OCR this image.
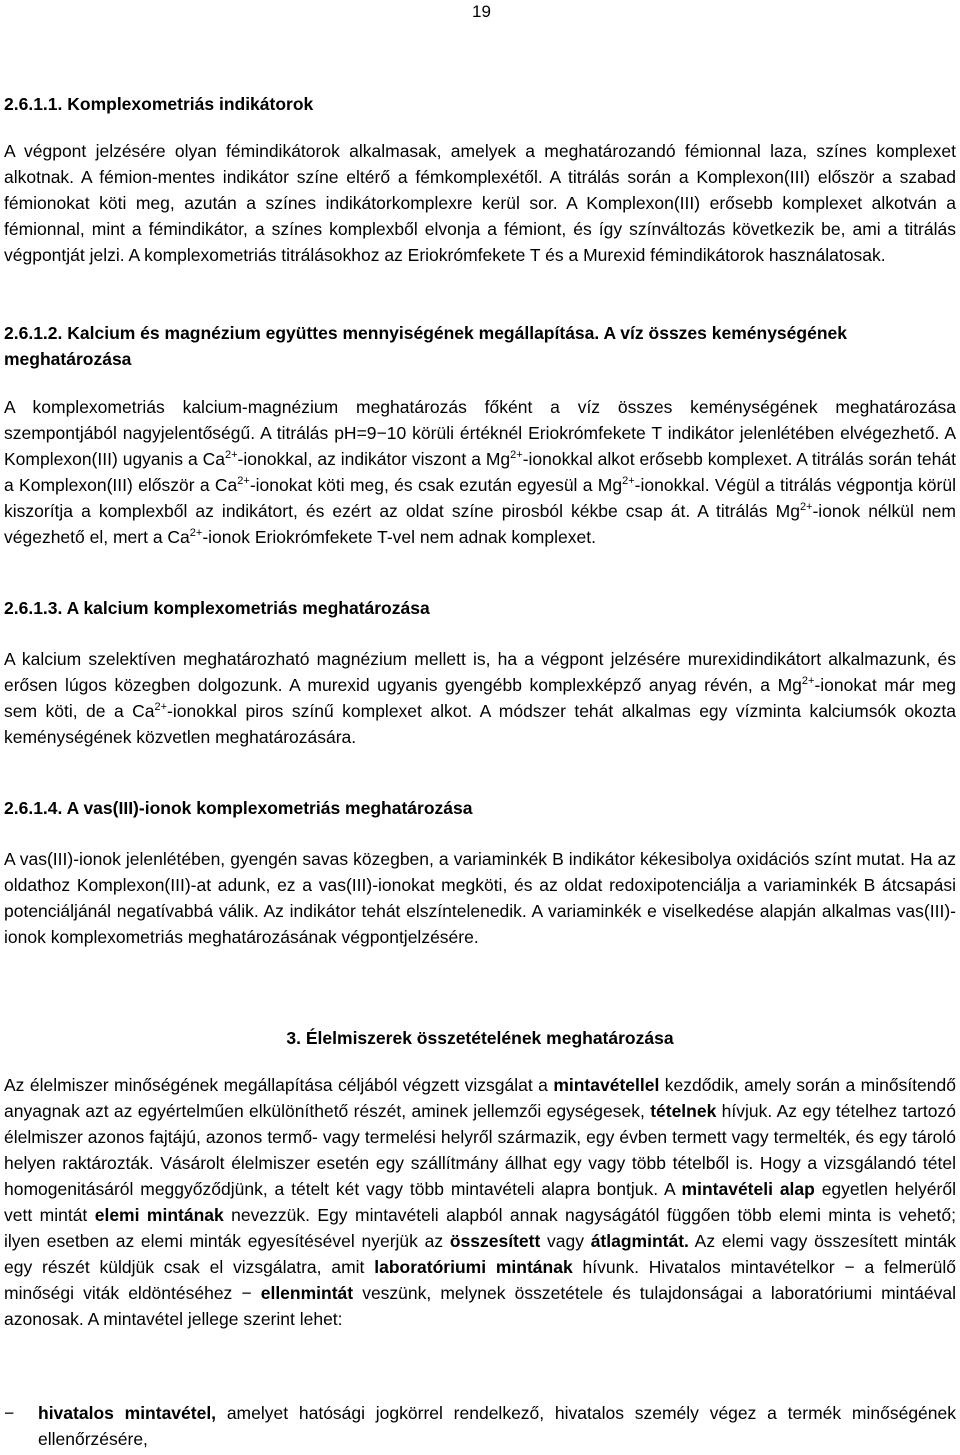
19
2.6.1.1. Komplexometriás indikátorok

A végpont jelzésére olyan fémindikátorok alkalmasak, amelyek a meghatározandó fémionnal laza, színes komplexet alkotnak. A fémion-mentes indikátor színe eltérő a fémkomplexétől. A titrálás során a Komplexon(III) először a szabad fémionokat köti meg, azután a színes indikátorkomplexre kerül sor. A Komplexon(III) erősebb komplexet alkotván a fémionnal, mint a fémindikátor, a színes komplexből elvonja a fémiont, és így színváltozás következik be, ami a titrálás végpontját jelzi. A komplexometriás titrálásokhoz az Eriokrómfekete T és a Murexid fémindikátorok használatosak.

2.6.1.2. Kalcium és magnézium együttes mennyiségének megállapítása. A víz összes keménységének meghatározása

A komplexometriás kalcium-magnézium meghatározás főként a víz összes keménységének meghatározása szempontjából nagyjelentőségű. A titrálás pH=9−10 körüli értéknél Eriokrómfekete T indikátor jelenlétében elvégezhető. A Komplexon(III) ugyanis a $Ca^{2+}$-ionokkal, az indikátor viszont a $Mg^{2+}$-ionokkal alkot erősebb komplexet. A titrálás során tehát a Komplexon(III) először a $Ca^{2+}$-ionokat köti meg, és csak ezután egyesül a $Mg^{2+}$-ionokkal. Végül a titrálás végpontja körül kiszorítja a komplexből az indikátort, és ezért az oldat színe pirosból kékbe csap át. A titrálás $Mg^{2+}$-ionok nélkül nem végezhető el, mert a $Ca^{2+}$-ionok Eriokrómfekete T-vel nem adnak komplexet.

2.6.1.3. A kalcium komplexometriás meghatározása

A kalcium szelektíven meghatározható magnézium mellett is, ha a végpont jelzésére murexidindikátort alkalmazunk, és erősen lúgos közegben dolgozunk. A murexid ugyanis gyengébb komplexképző anyag révén, a $Mg^{2+}$-ionokat már meg sem köti, de a $Ca^{2+}$-ionokkal piros színű komplexet alkot. A módszer tehát alkalmas egy vízminta kalciumsók okozta keménységének közvetlen meghatározására.

2.6.1.4. A vas(III)-ionok komplexometriás meghatározása

A vas(III)-ionok jelenlétében, gyengén savas közegben, a variaminkék B indikátor kékesibolya oxidációs színt mutat. Ha az oldathoz Komplexon(III)-at adunk, ez a vas(III)-ionokat megköti, és az oldat redoxipotenciálja a variaminkék B átcsapási potenciáljánál negatívabbá válik. Az indikátor tehát elszíntelenedik. A variaminkék e viselkedése alapján alkalmas vas(III)-ionok komplexometriás meghatározásának végpontjelzésére.

3. Élelmiszerek összetételének meghatározása

Az élelmiszer minőségének megállapítása céljából végzett vizsgálat a mintavétellel kezdődik, amely során a minősítendő anyagnak azt az egyértelműen elkülöníthető részét, aminek jellemzői egységesek, tételnek hívjuk. Az egy tételhez tartozó élelmiszer azonos fajtájú, azonos termő- vagy termelési helyről származik, egy évben termett vagy termelték, és egy tároló helyen raktározták. Vásárolt élelmiszer esetén egy szállítmány állhat egy vagy több tételből is. Hogy a vizsgálandó tétel homogenitásáról meggyőződjünk, a tételt két vagy több mintavételi alapra bontjuk. A mintavételi alap egyetlen helyéről vett mintát elemi mintának nevezzük. Egy mintavételi alapból annak nagyságától függően több elemi minta is vehető; ilyen esetben az elemi minták egyesítésével nyerjük az összesített vagy átlagmintát. Az elemi vagy összesített minták egy részét küldjük csak el vizsgálatra, amit laboratóriumi mintának hívunk. Hivatalos mintavételkor − a felmerülő minőségi viták eldöntéséhez − ellenmintát veszünk, melynek összetétele és tulajdonságai a laboratóriumi mintáéval azonosak. A mintavétel jellege szerint lehet:

− hivatalos mintavétel, amelyet hatósági jogkörrel rendelkező, hivatalos személy végez a termék minőségének ellenőrzésére,
